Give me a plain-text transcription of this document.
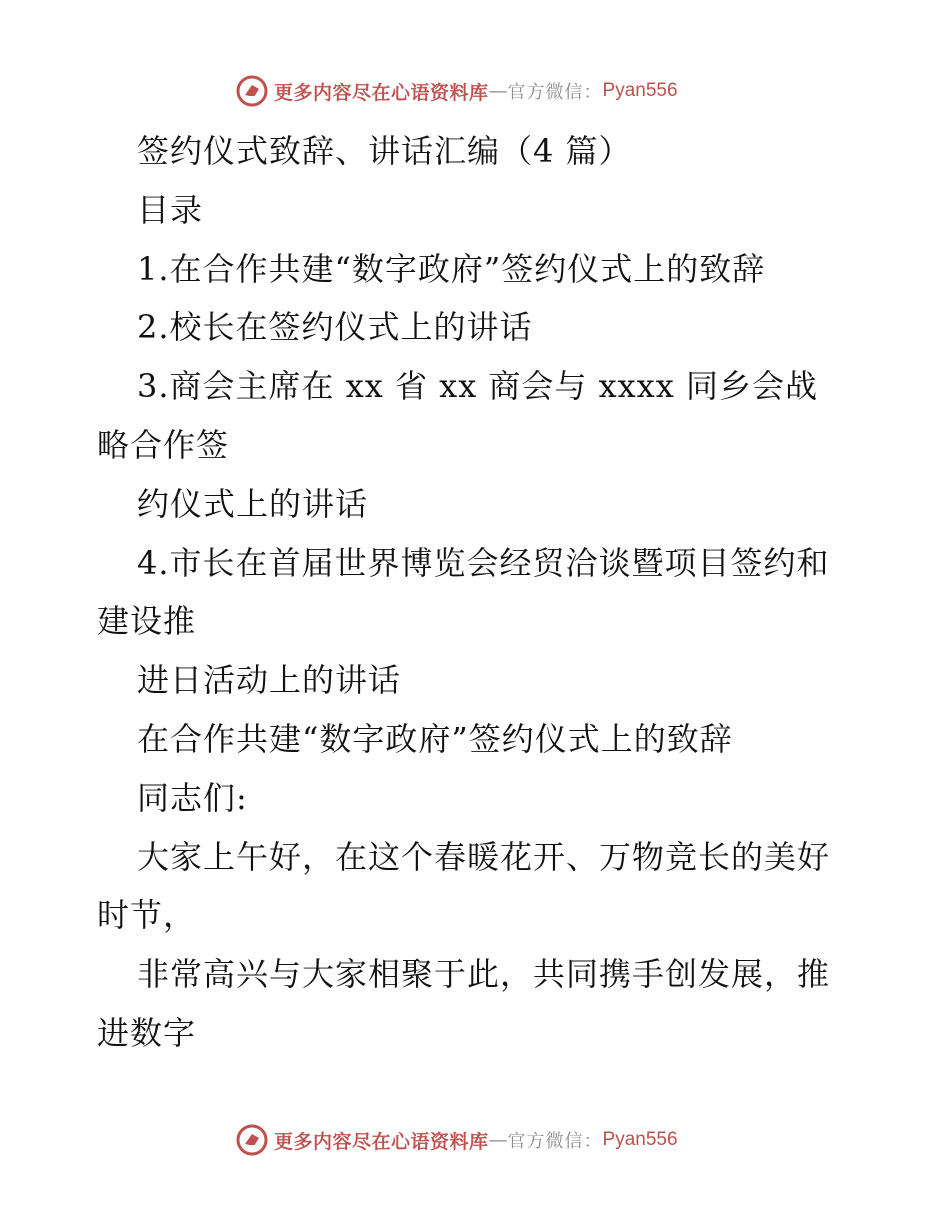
更多内容尽在心语资料库 — 官方微信： Pyan556
签约仪式致辞、讲话汇编（4 篇）
目录
1.在合作共建“数字政府”签约仪式上的致辞
2.校长在签约仪式上的讲话
3.商会主席在 xx 省 xx 商会与 xxxx 同乡会战
略合作签
约仪式上的讲话
4.市长在首届世界博览会经贸洽谈暨项目签约和
建设推
进日活动上的讲话
在合作共建“数字政府”签约仪式上的致辞
同志们:
大家上午好，在这个春暖花开、万物竞长的美好
时节，
非常高兴与大家相聚于此，共同携手创发展，推
进数字
更多内容尽在心语资料库 — 官方微信： Pyan556
